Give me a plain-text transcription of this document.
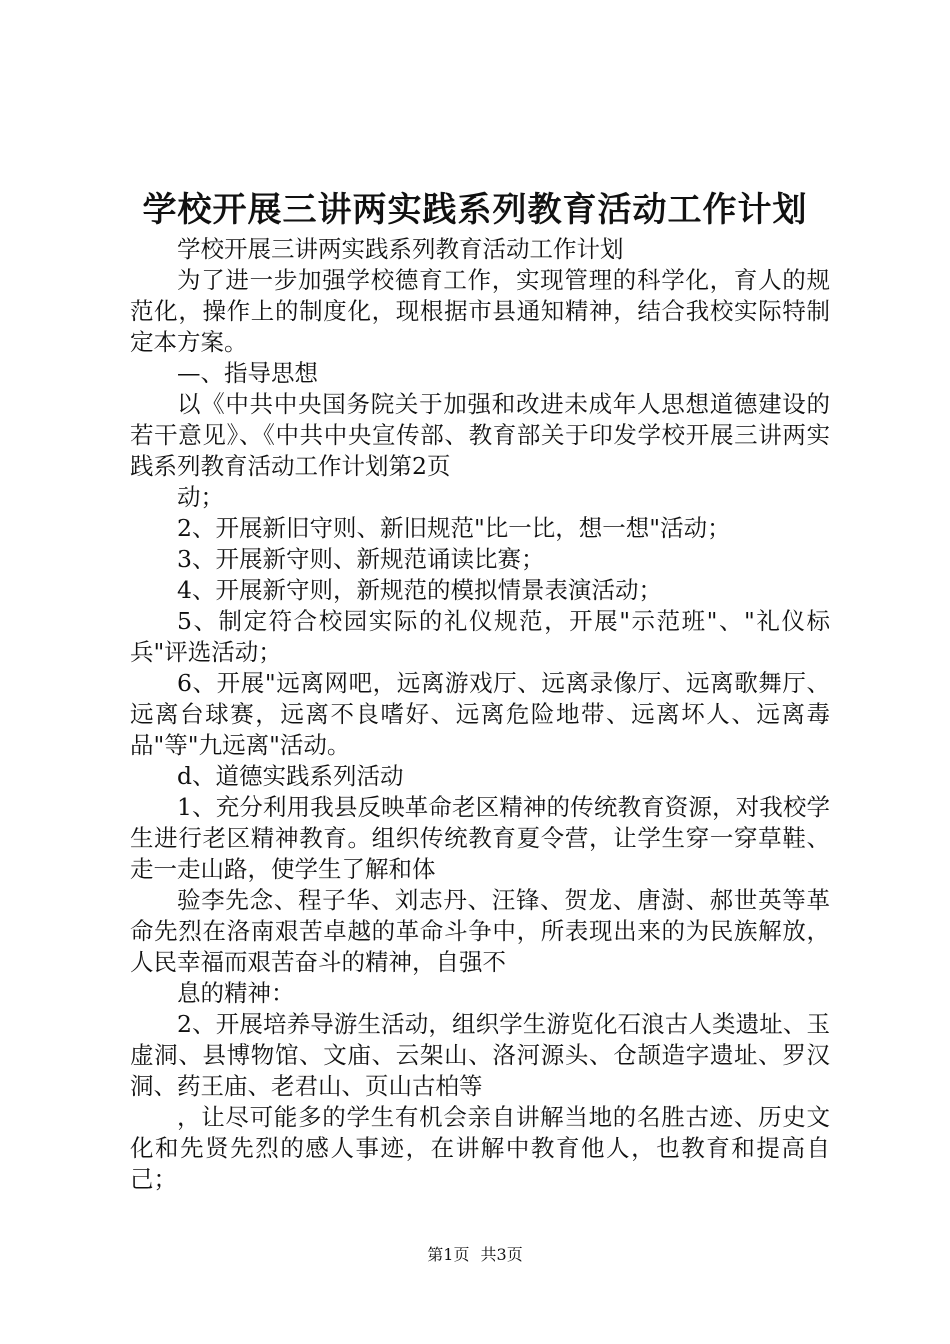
学校开展三讲两实践系列教育活动工作计划

学校开展三讲两实践系列教育活动工作计划

为了进一步加强学校德育工作，实现管理的科学化，育人的规范化，操作上的制度化，现根据市县通知精神，结合我校实际特制定本方案。

—、指导思想

以《中共中央国务院关于加强和改进未成年人思想道德建设的若干意见》、《中共中央宣传部、教育部关于印发学校开展三讲两实践系列教育活动工作计划第2页

动；

2、开展新旧守则、新旧规范"比一比，想一想"活动；

3、开展新守则、新规范诵读比赛；

4、开展新守则，新规范的模拟情景表演活动；

5、制定符合校园实际的礼仪规范，开展"示范班"、"礼仪标兵"评选活动；

6、开展"远离网吧，远离游戏厅、远离录像厅、远离歌舞厅、远离台球赛，远离不良嗜好、远离危险地带、远离坏人、远离毒品"等"九远离"活动。

d、道德实践系列活动

1、充分利用我县反映革命老区精神的传统教育资源，对我校学生进行老区精神教育。组织传统教育夏令营，让学生穿一穿草鞋、走一走山路，使学生了解和体

验李先念、程子华、刘志丹、汪锋、贺龙、唐澍、郝世英等革命先烈在洛南艰苦卓越的革命斗争中，所表现出来的为民族解放，人民幸福而艰苦奋斗的精神，自强不

息的精神：

2、开展培养导游生活动，组织学生游览化石浪古人类遗址、玉虚洞、县博物馆、文庙、云架山、洛河源头、仓颉造字遗址、罗汉洞、药王庙、老君山、页山古柏等

，让尽可能多的学生有机会亲自讲解当地的名胜古迹、历史文化和先贤先烈的感人事迹，在讲解中教育他人，也教育和提高自己；

第1页 共3页
